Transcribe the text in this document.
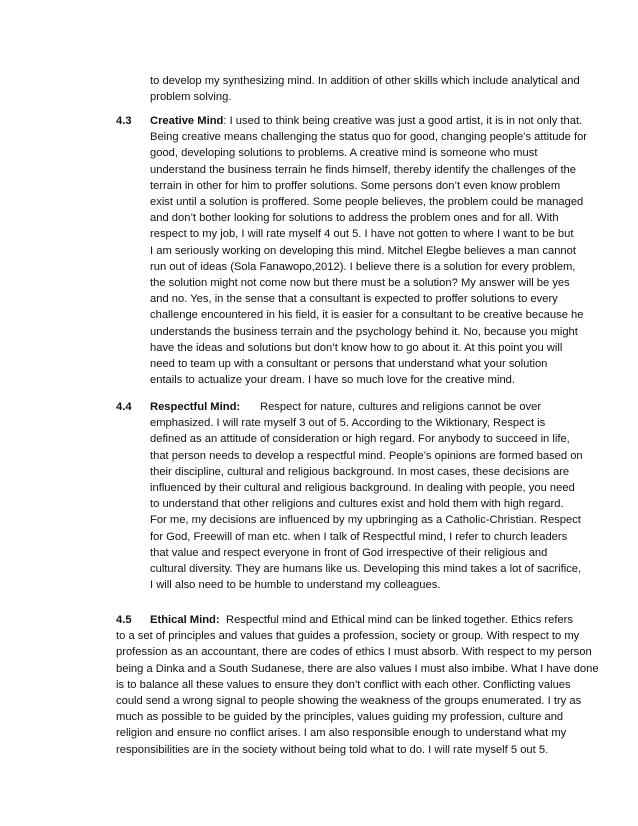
to develop my synthesizing mind. In addition of other skills which include analytical and
problem solving.
4.3 Creative Mind: I used to think being creative was just a good artist, it is in not only that.
Being creative means challenging the status quo for good, changing people’s attitude for
good, developing solutions to problems. A creative mind is someone who must
understand the business terrain he finds himself, thereby identify the challenges of the
terrain in other for him to proffer solutions. Some persons don’t even know problem
exist until a solution is proffered. Some people believes, the problem could be managed
and don’t bother looking for solutions to address the problem ones and for all. With
respect to my job, I will rate myself 4 out 5. I have not gotten to where I want to be but
I am seriously working on developing this mind. Mitchel Elegbe believes a man cannot
run out of ideas (Sola Fanawopo,2012). I believe there is a solution for every problem,
the solution might not come now but there must be a solution? My answer will be yes
and no. Yes, in the sense that a consultant is expected to proffer solutions to every
challenge encountered in his field, it is easier for a consultant to be creative because he
understands the business terrain and the psychology behind it. No, because you might
have the ideas and solutions but don’t know how to go about it. At this point you will
need to team up with a consultant or persons that understand what your solution
entails to actualize your dream. I have so much love for the creative mind.
4.4 Respectful Mind: Respect for nature, cultures and religions cannot be over
emphasized. I will rate myself 3 out of 5. According to the Wiktionary, Respect is
defined as an attitude of consideration or high regard. For anybody to succeed in life,
that person needs to develop a respectful mind. People’s opinions are formed based on
their discipline, cultural and religious background. In most cases, these decisions are
influenced by their cultural and religious background. In dealing with people, you need
to understand that other religions and cultures exist and hold them with high regard.
For me, my decisions are influenced by my upbringing as a Catholic-Christian. Respect
for God, Freewill of man etc. when I talk of Respectful mind, I refer to church leaders
that value and respect everyone in front of God irrespective of their religious and
cultural diversity. They are humans like us. Developing this mind takes a lot of sacrifice,
I will also need to be humble to understand my colleagues.
4.5 Ethical Mind: Respectful mind and Ethical mind can be linked together. Ethics refers
to a set of principles and values that guides a profession, society or group. With respect to my
profession as an accountant, there are codes of ethics I must absorb. With respect to my person
being a Dinka and a South Sudanese, there are also values I must also imbibe. What I have done
is to balance all these values to ensure they don’t conflict with each other. Conflicting values
could send a wrong signal to people showing the weakness of the groups enumerated. I try as
much as possible to be guided by the principles, values guiding my profession, culture and
religion and ensure no conflict arises. I am also responsible enough to understand what my
responsibilities are in the society without being told what to do. I will rate myself 5 out 5.
